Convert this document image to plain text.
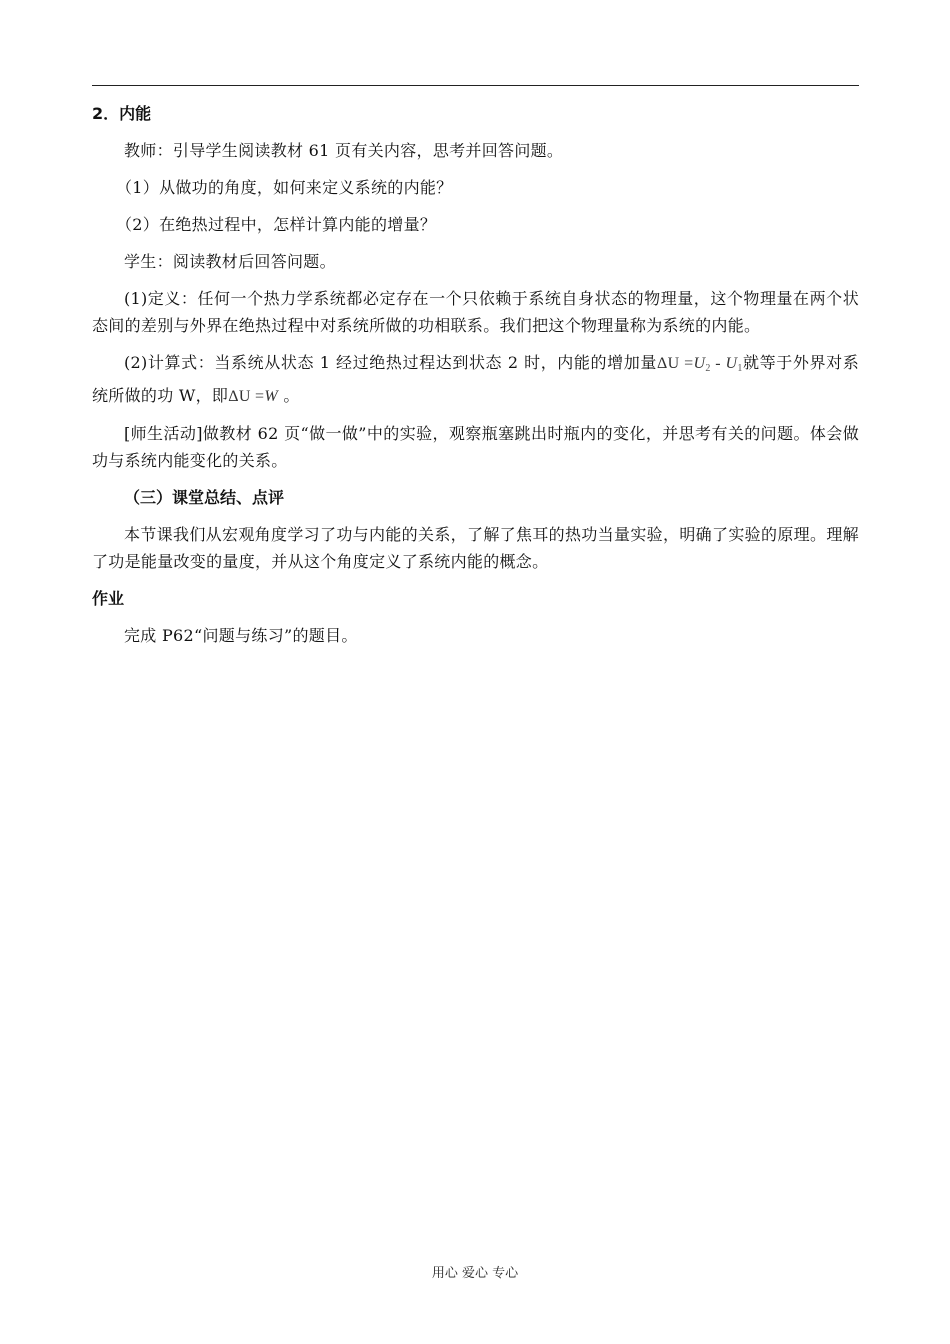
2．内能

教师：引导学生阅读教材 61 页有关内容，思考并回答问题。

（1）从做功的角度，如何来定义系统的内能？

（2）在绝热过程中，怎样计算内能的增量？

学生：阅读教材后回答问题。

(1)定义：任何一个热力学系统都必定存在一个只依赖于系统自身状态的物理量，这个物理量在两个状态间的差别与外界在绝热过程中对系统所做的功相联系。我们把这个物理量称为系统的内能。

(2)计算式：当系统从状态 1 经过绝热过程达到状态 2 时，内能的增加量$\Delta U =U_2 - U_1$就等于外界对系统所做的功 W，即ΔU =W 。

[师生活动]做教材 62 页“做一做”中的实验，观察瓶塞跳出时瓶内的变化，并思考有关的问题。体会做功与系统内能变化的关系。

（三）课堂总结、点评

本节课我们从宏观角度学习了功与内能的关系，了解了焦耳的热功当量实验，明确了实验的原理。理解了功是能量改变的量度，并从这个角度定义了系统内能的概念。

作业

完成 P62“问题与练习”的题目。

用心 爱心 专心
